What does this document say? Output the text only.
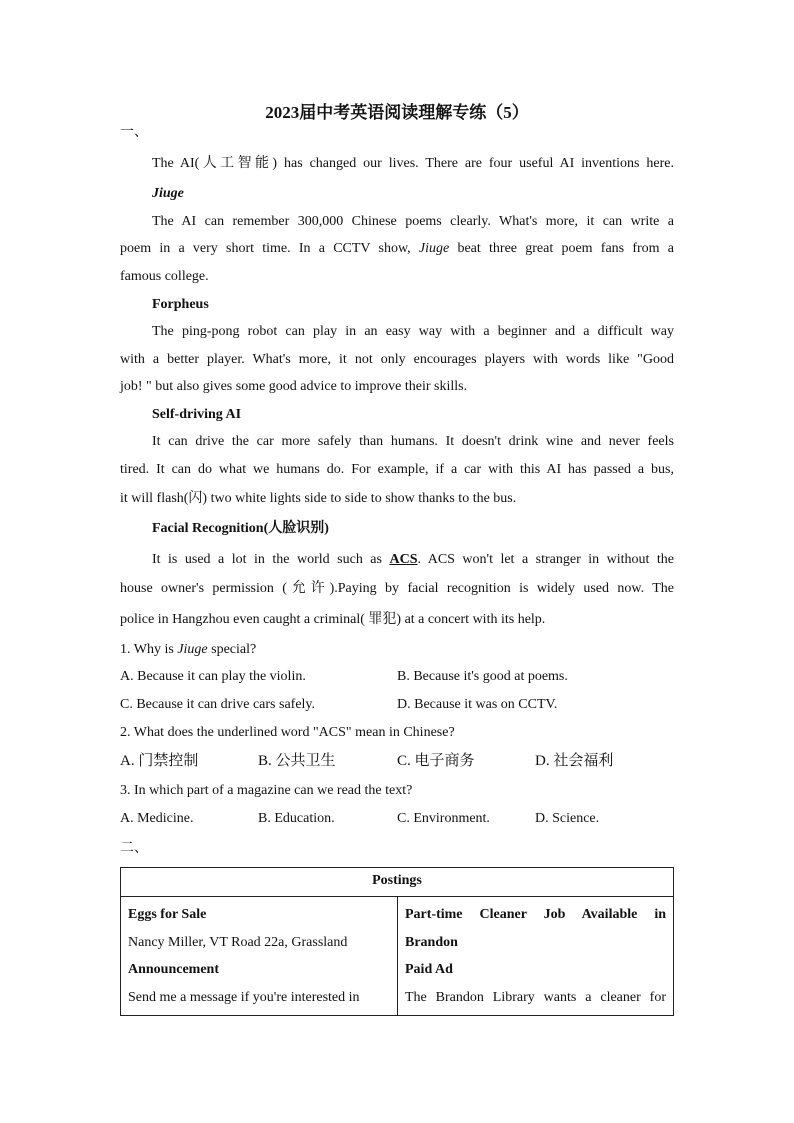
2023届中考英语阅读理解专练（5）
一、
The AI(人工智能) has changed our lives. There are four useful AI inventions here.
Jiuge
The AI can remember 300,000 Chinese poems clearly. What's more, it can write a
poem in a very short time. In a CCTV show, Jiuge beat three great poem fans from a
famous college.
Forpheus
The ping-pong robot can play in an easy way with a beginner and a difficult way
with a better player. What's more, it not only encourages players with words like "Good
job! " but also gives some good advice to improve their skills.
Self-driving AI
It can drive the car more safely than humans. It doesn't drink wine and never feels
tired. It can do what we humans do. For example, if a car with this AI has passed a bus,
it will flash(闪) two white lights side to side to show thanks to the bus.
Facial Recognition(人脸识别)
It is used a lot in the world such as ACS. ACS won't let a stranger in without the
house owner's permission (允许).Paying by facial recognition is widely used now. The
police in Hangzhou even caught a criminal( 罪犯) at a concert with its help.
1. Why is Jiuge special?
A. Because it can play the violin.	B. Because it's good at poems.
C. Because it can drive cars safely.	D. Because it was on CCTV.
2. What does the underlined word "ACS" mean in Chinese?
A. 门禁控制	B. 公共卫生	C. 电子商务	D. 社会福利
3. In which part of a magazine can we read the text?
A. Medicine.	B. Education.	C. Environment.	D. Science.
二、
Postings

Eggs for Sale
Nancy Miller, VT Road 22a, Grassland
Announcement
Send me a message if you're interested in

Part-time Cleaner Job Available in
Brandon
Paid Ad
The Brandon Library wants a cleaner for
